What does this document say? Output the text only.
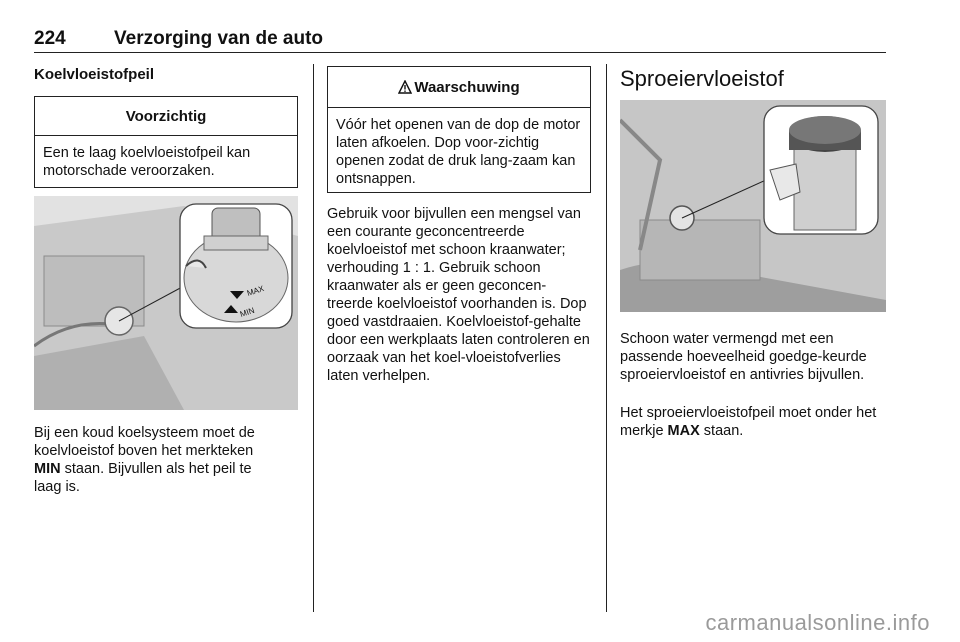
224	Verzorging van de auto
Koelvloeistofpeil
Voorzichtig
Een te laag koelvloeistofpeil kan motorschade veroorzaken.
MAX
MIN
Bij een koud koelsysteem moet de
koelvloeistof boven het merkteken
MIN staan. Bijvullen als het peil te
laag is.
Waarschuwing
Vóór het openen van de dop de motor laten afkoelen. Dop voor-zichtig openen zodat de druk lang-zaam kan ontsnappen.

Gebruik voor bijvullen een mengsel van een courante geconcentreerde koelvloeistof met schoon kraanwater; verhouding 1 : 1. Gebruik schoon kraanwater als er geen geconcen-treerde koelvloeistof voorhanden is. Dop goed vastdraaien. Koelvloeistof-gehalte door een werkplaats laten controleren en oorzaak van het koel-vloeistofverlies laten verhelpen.

Sproeiervloeistof

Schoon water vermengd met een passende hoeveelheid goedge-keurde sproeiervloeistof en antivries bijvullen.

Het sproeiervloeistofpeil moet onder het merkje MAX staan.

carmanualsonline.info
